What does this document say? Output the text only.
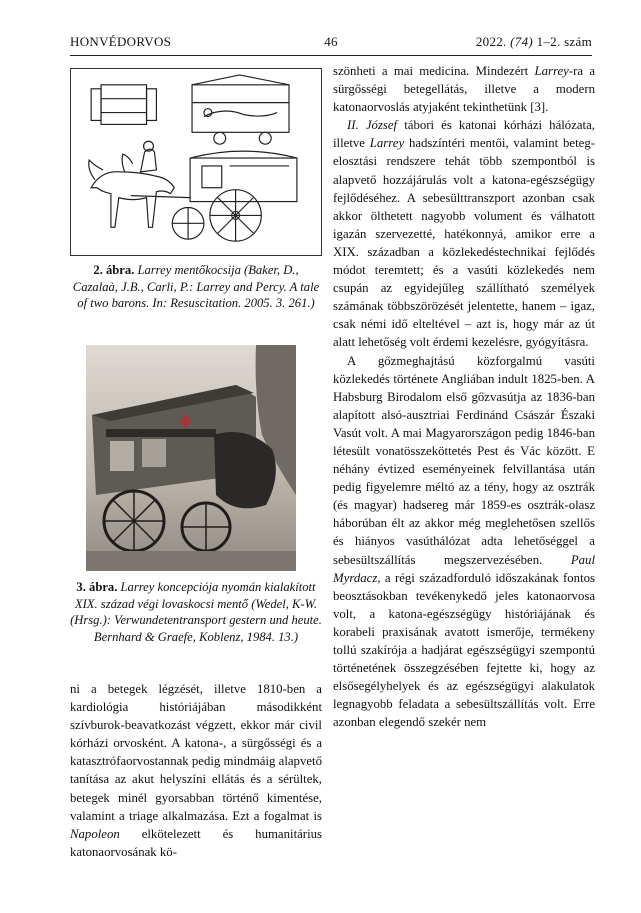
HONVÉDORVOS	46	2022. (74) 1–2. szám
2. ábra. Larrey mentőkocsija (Baker, D., Cazalaà, J.B., Carli, P.: Larrey and Percy. A tale of two barons. In: Resuscitation. 2005. 3. 261.)
3. ábra. Larrey koncepciója nyomán kialakított XIX. század végi lovaskocsi mentő (Wedel, K-W. (Hrsg.): Verwundetentransport gestern und heute. Bernhard & Graefe, Koblenz, 1984. 13.)

ni a betegek légzését, illetve 1810-ben a kardiológia históriájában másodikként szívburok-beavatkozást végzett, ekkor már civil kórházi orvosként. A katona-, a sürgősségi és a katasztrófaorvostannak pedig mindmáig alapvető tanítása az akut helyszíni ellátás és a sérültek, betegek minél gyorsabban történő kimentése, valamint a triage alkalmazása. Ezt a fogalmat is Napoleon elkötelezett és humanitárius katonaorvosának kö-

szönheti a mai medicina. Mindezért Larrey-ra a sürgősségi betegellátás, illetve a modern katonaorvoslás atyjaként tekinthetünk [3].

II. József tábori és katonai kórházi hálózata, illetve Larrey hadszíntéri mentői, valamint beteg-elosztási rendszere tehát több szempontból is alapvető hozzájárulás volt a katona-egészségügy fejlődéséhez. A sebesülttranszport azonban csak akkor ölthetett nagyobb volument és válhatott igazán szervezetté, hatékonnyá, amikor erre a XIX. században a közlekedéstechnikai fejlődés módot teremtett; és a vasúti közlekedés nem csupán az egyidejűleg szállítható személyek számának többszörözését jelentette, hanem – igaz, csak némi idő elteltével – azt is, hogy már az út alatt lehetőség volt érdemi kezelésre, gyógyításra.

A gőzmeghajtású közforgalmú vasúti közlekedés története Angliában indult 1825-ben. A Habsburg Birodalom első gőzvasútja az 1836-ban alapított alsó-ausztriai Ferdinánd Császár Északi Vasút volt. A mai Magyarországon pedig 1846-ban létesült vonatösszeköttetés Pest és Vác között. E néhány évtized eseményeinek felvillantása után pedig figyelemre méltó az a tény, hogy az osztrák (és magyar) hadsereg már 1859-es osztrák-olasz háborúban élt az akkor még meglehetősen szellős és hiányos vasúthálózat adta lehetőséggel a sebesültszállítás megszervezésében. Paul Myrdacz, a régi századforduló időszakának fontos beosztásokban tevékenykedő jeles katonaorvosa volt, a katona-egészségügy históriájának és korabeli praxisának avatott ismerője, termékeny tollú szakírója a hadjárat egészségügyi szempontú történetének összegzésében fejtette ki, hogy az elsősegélyhelyek és az egészségügyi alakulatok legnagyobb feladata a sebesültszállítás volt. Erre azonban elegendő szekér nem
